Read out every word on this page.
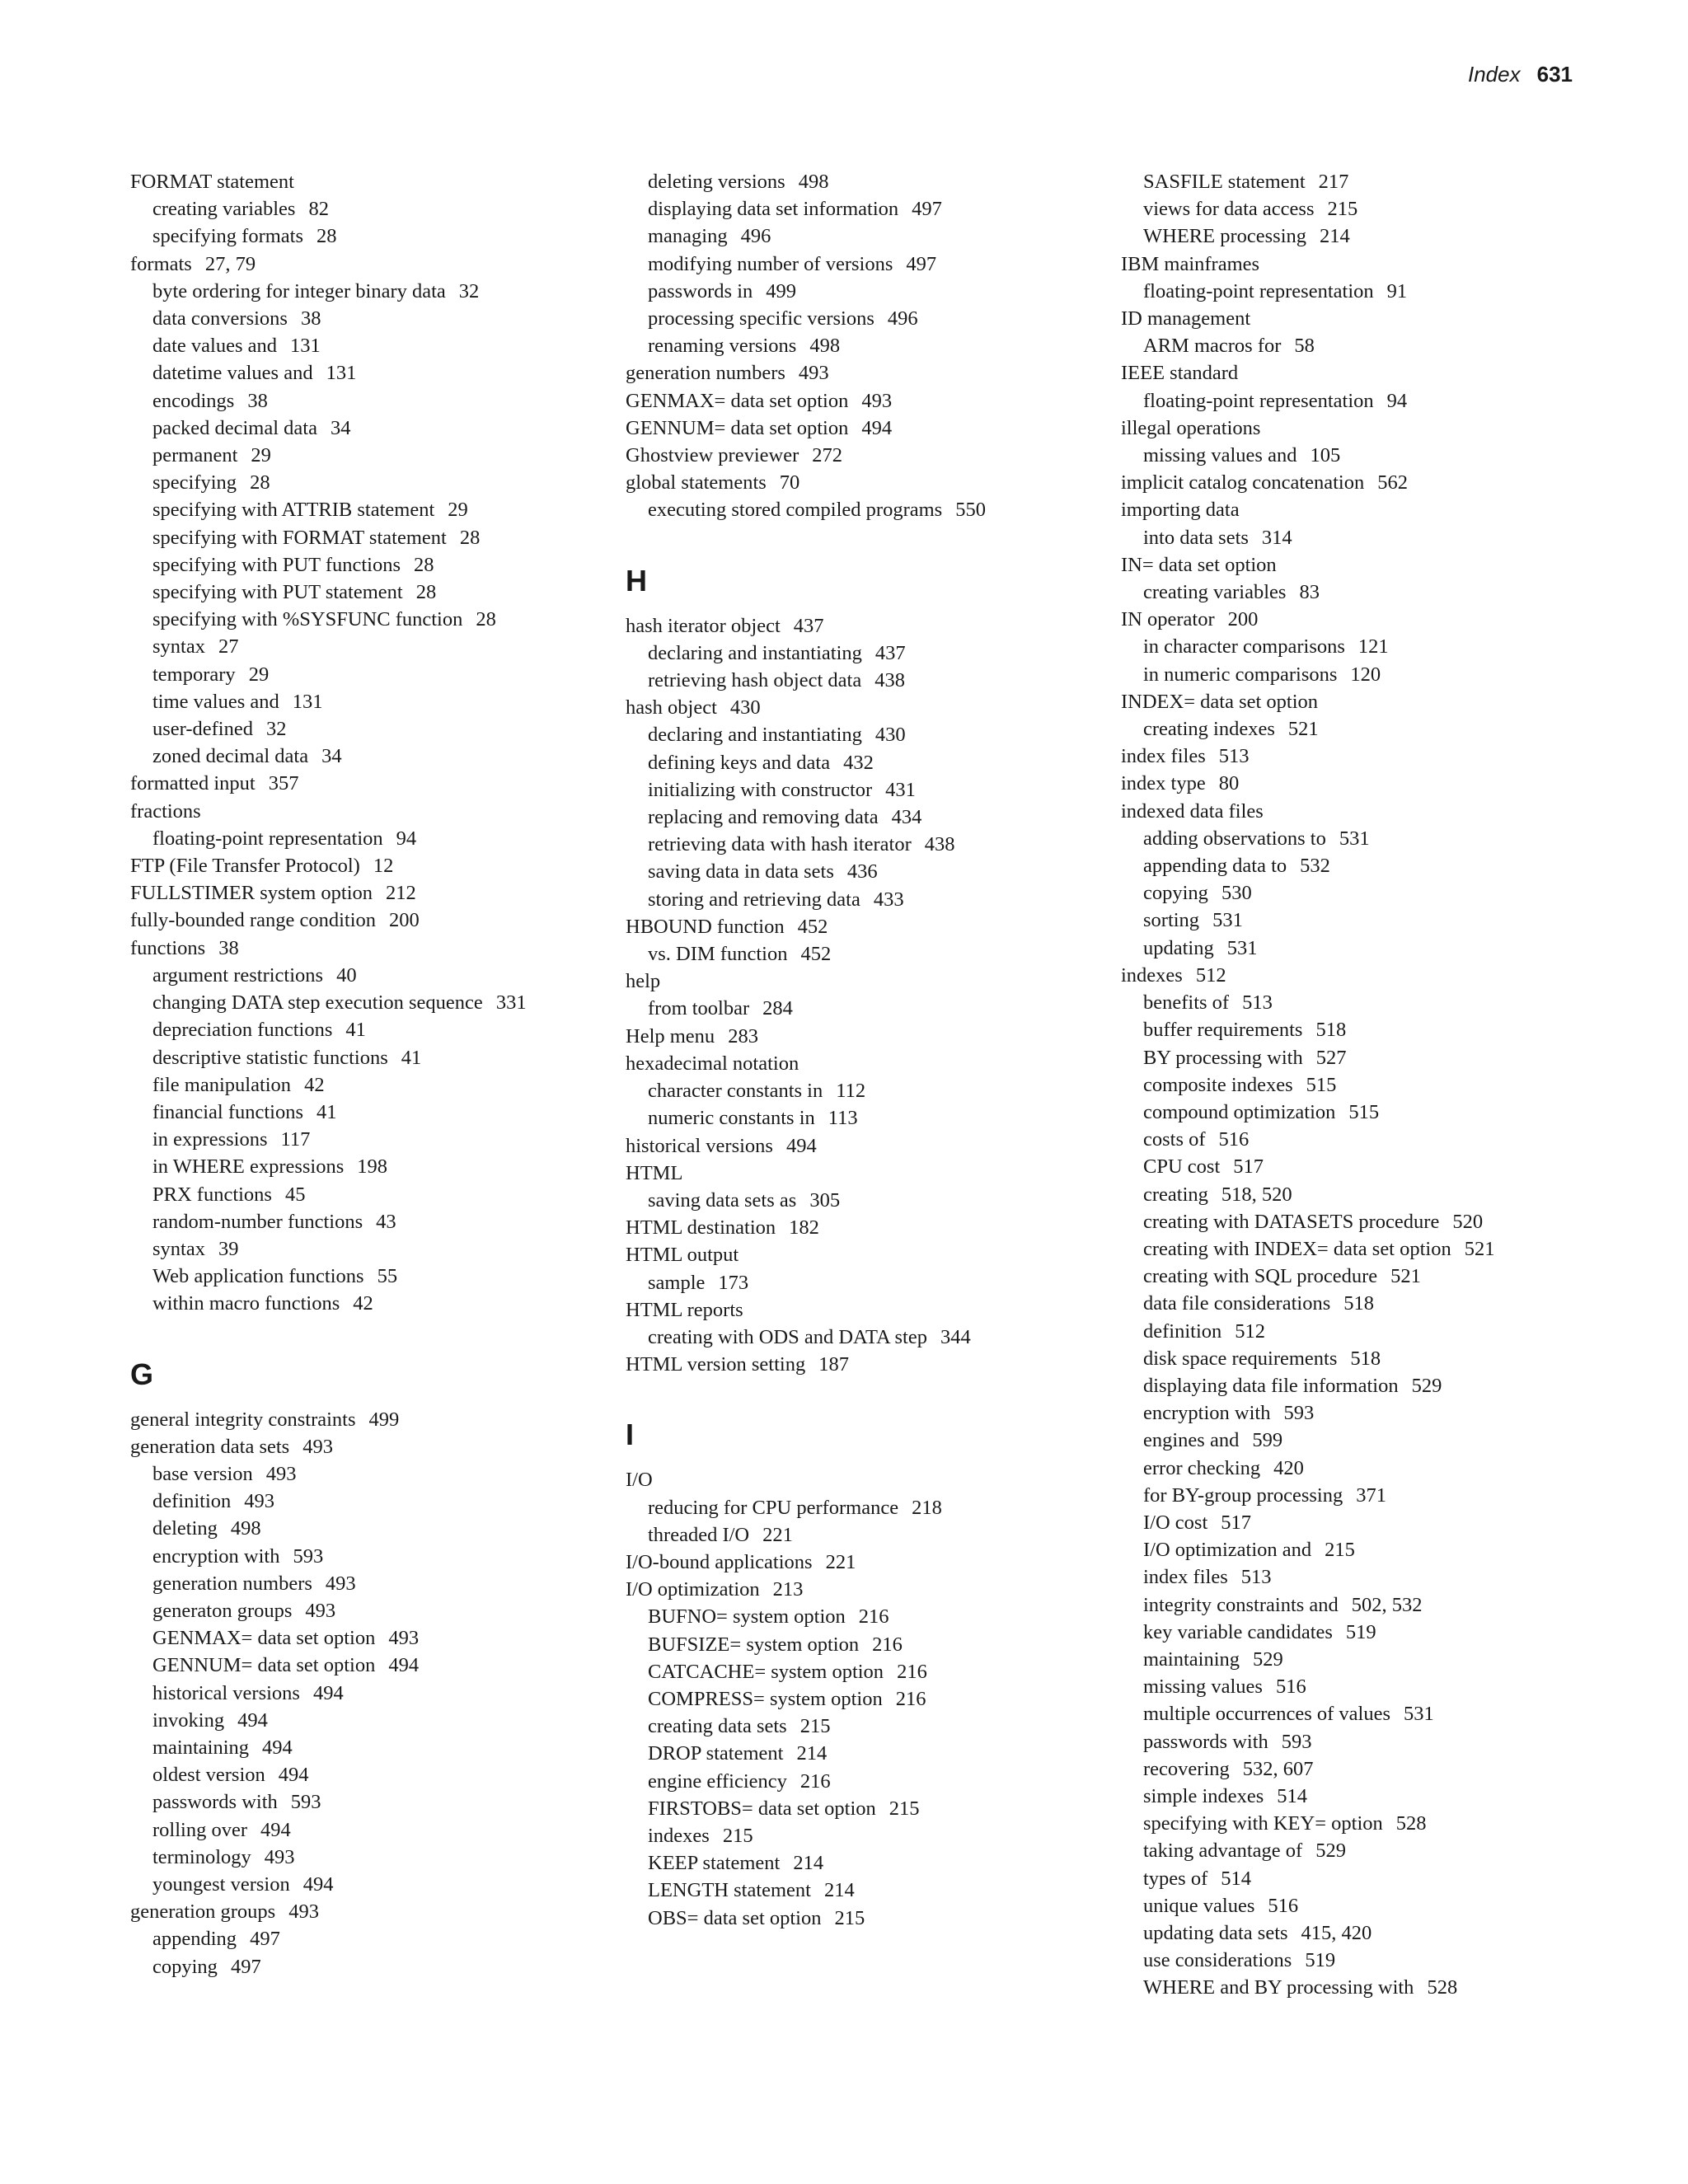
Index 631
FORMAT statement
creating variables 82
specifying formats 28
formats 27, 79
byte ordering for integer binary data 32
data conversions 38
date values and 131
datetime values and 131
encodings 38
packed decimal data 34
permanent 29
specifying 28
specifying with ATTRIB statement 29
specifying with FORMAT statement 28
specifying with PUT functions 28
specifying with PUT statement 28
specifying with %SYSFUNC function 28
syntax 27
temporary 29
time values and 131
user-defined 32
zoned decimal data 34
formatted input 357
fractions
floating-point representation 94
FTP (File Transfer Protocol) 12
FULLSTIMER system option 212
fully-bounded range condition 200
functions 38
argument restrictions 40
changing DATA step execution sequence 331
depreciation functions 41
descriptive statistic functions 41
file manipulation 42
financial functions 41
in expressions 117
in WHERE expressions 198
PRX functions 45
random-number functions 43
syntax 39
Web application functions 55
within macro functions 42
G
general integrity constraints 499
generation data sets 493
base version 493
definition 493
deleting 498
encryption with 593
generation numbers 493
generaton groups 493
GENMAX= data set option 493
GENNUM= data set option 494
historical versions 494
invoking 494
maintaining 494
oldest version 494
passwords with 593
rolling over 494
terminology 493
youngest version 494
generation groups 493
appending 497
copying 497
deleting versions 498
displaying data set information 497
managing 496
modifying number of versions 497
passwords in 499
processing specific versions 496
renaming versions 498
generation numbers 493
GENMAX= data set option 493
GENNUM= data set option 494
Ghostview previewer 272
global statements 70
executing stored compiled programs 550
H
hash iterator object 437
declaring and instantiating 437
retrieving hash object data 438
hash object 430
declaring and instantiating 430
defining keys and data 432
initializing with constructor 431
replacing and removing data 434
retrieving data with hash iterator 438
saving data in data sets 436
storing and retrieving data 433
HBOUND function 452
vs. DIM function 452
help
from toolbar 284
Help menu 283
hexadecimal notation
character constants in 112
numeric constants in 113
historical versions 494
HTML
saving data sets as 305
HTML destination 182
HTML output
sample 173
HTML reports
creating with ODS and DATA step 344
HTML version setting 187
I
I/O
reducing for CPU performance 218
threaded I/O 221
I/O-bound applications 221
I/O optimization 213
BUFNO= system option 216
BUFSIZE= system option 216
CATCACHE= system option 216
COMPRESS= system option 216
creating data sets 215
DROP statement 214
engine efficiency 216
FIRSTOBS= data set option 215
indexes 215
KEEP statement 214
LENGTH statement 214
OBS= data set option 215
SASFILE statement 217
views for data access 215
WHERE processing 214
IBM mainframes
floating-point representation 91
ID management
ARM macros for 58
IEEE standard
floating-point representation 94
illegal operations
missing values and 105
implicit catalog concatenation 562
importing data
into data sets 314
IN= data set option
creating variables 83
IN operator 200
in character comparisons 121
in numeric comparisons 120
INDEX= data set option
creating indexes 521
index files 513
index type 80
indexed data files
adding observations to 531
appending data to 532
copying 530
sorting 531
updating 531
indexes 512
benefits of 513
buffer requirements 518
BY processing with 527
composite indexes 515
compound optimization 515
costs of 516
CPU cost 517
creating 518, 520
creating with DATASETS procedure 520
creating with INDEX= data set option 521
creating with SQL procedure 521
data file considerations 518
definition 512
disk space requirements 518
displaying data file information 529
encryption with 593
engines and 599
error checking 420
for BY-group processing 371
I/O cost 517
I/O optimization and 215
index files 513
integrity constraints and 502, 532
key variable candidates 519
maintaining 529
missing values 516
multiple occurrences of values 531
passwords with 593
recovering 532, 607
simple indexes 514
specifying with KEY= option 528
taking advantage of 529
types of 514
unique values 516
updating data sets 415, 420
use considerations 519
WHERE and BY processing with 528
